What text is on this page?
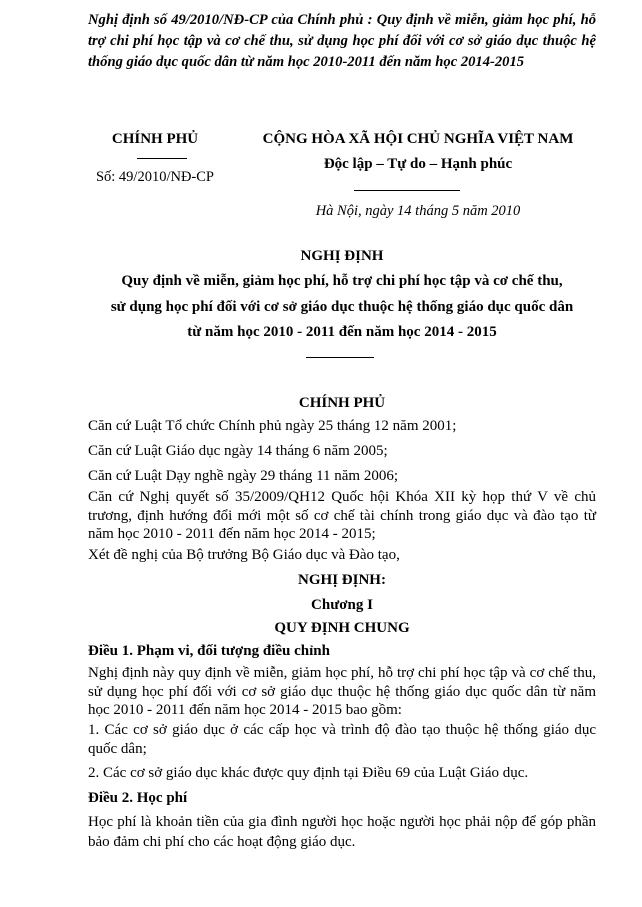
Nghị định số 49/2010/NĐ-CP của Chính phủ : Quy định về miễn, giảm học phí, hỗ trợ chi phí học tập và cơ chế thu, sử dụng học phí đối với cơ sở giáo dục thuộc hệ thống giáo dục quốc dân từ năm học 2010-2011 đến năm học 2014-2015

CHÍNH PHỦ
Số: 49/2010/NĐ-CP
CỘNG HÒA XÃ HỘI CHỦ NGHĨA VIỆT NAM
Độc lập – Tự do – Hạnh phúc
Hà Nội, ngày 14 tháng 5 năm 2010
NGHỊ ĐỊNH
Quy định về miễn, giảm học phí, hỗ trợ chi phí học tập và cơ chế thu,
sử dụng học phí đối với cơ sở giáo dục thuộc hệ thống giáo dục quốc dân
từ năm học 2010 - 2011 đến năm học 2014 - 2015
CHÍNH PHỦ
Căn cứ Luật Tổ chức Chính phủ ngày 25 tháng 12 năm 2001;
Căn cứ Luật Giáo dục ngày 14 tháng 6 năm 2005;
Căn cứ Luật Dạy nghề ngày 29 tháng 11 năm 2006;

Căn cứ Nghị quyết số 35/2009/QH12 Quốc hội Khóa XII kỳ họp thứ V về chủ trương, định hướng đổi mới một số cơ chế tài chính trong giáo dục và đào tạo từ năm học 2010 - 2011 đến năm học 2014 - 2015;

Xét đề nghị của Bộ trưởng Bộ Giáo dục và Đào tạo,
NGHỊ ĐỊNH:
Chương I
QUY ĐỊNH CHUNG
Điều 1. Phạm vi, đối tượng điều chỉnh

Nghị định này quy định về miễn, giảm học phí, hỗ trợ chi phí học tập và cơ chế thu, sử dụng học phí đối với cơ sở giáo dục thuộc hệ thống giáo dục quốc dân từ năm học 2010 - 2011 đến năm học 2014 - 2015 bao gồm:

1. Các cơ sở giáo dục ở các cấp học và trình độ đào tạo thuộc hệ thống giáo dục quốc dân;

2. Các cơ sở giáo dục khác được quy định tại Điều 69 của Luật Giáo dục.
Điều 2. Học phí

Học phí là khoản tiền của gia đình người học hoặc người học phải nộp để góp phần bảo đảm chi phí cho các hoạt động giáo dục.
